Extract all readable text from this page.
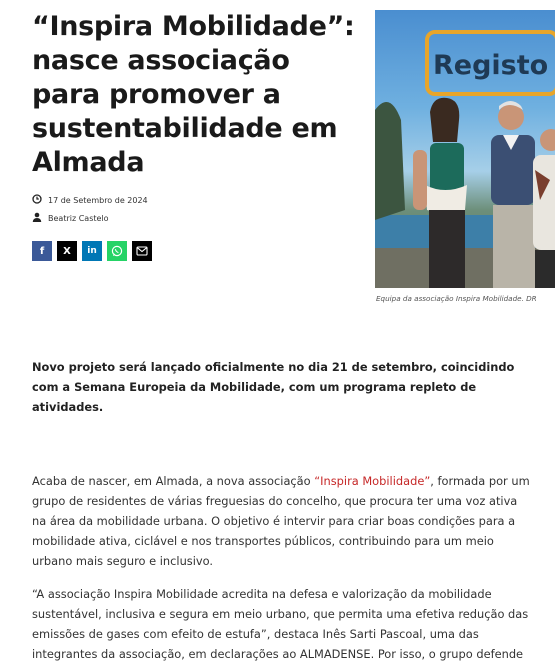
“Inspira Mobilidade”: nasce associação para promover a sustentabilidade em Almada
17 de Setembro de 2024
Beatriz Castelo
f	X	in
Registo
Equipa da associação Inspira Mobilidade. DR

Novo projeto será lançado oficialmente no dia 21 de setembro, coincidindo com a Semana Europeia da Mobilidade, com um programa repleto de atividades.

Acaba de nascer, em Almada, a nova associação “Inspira Mobilidade”, formada por um grupo de residentes de várias freguesias do concelho, que procura ter uma voz ativa na área da mobilidade urbana. O objetivo é intervir para criar boas condições para a mobilidade ativa, ciclável e nos transportes públicos, contribuindo para um meio urbano mais seguro e inclusivo.

“A associação Inspira Mobilidade acredita na defesa e valorização da mobilidade sustentável, inclusiva e segura em meio urbano, que permita uma efetiva redução das emissões de gases com efeito de estufa”, destaca Inês Sarti Pascoal, uma das integrantes da associação, em declarações ao ALMADENSE. Por isso, o grupo defende
